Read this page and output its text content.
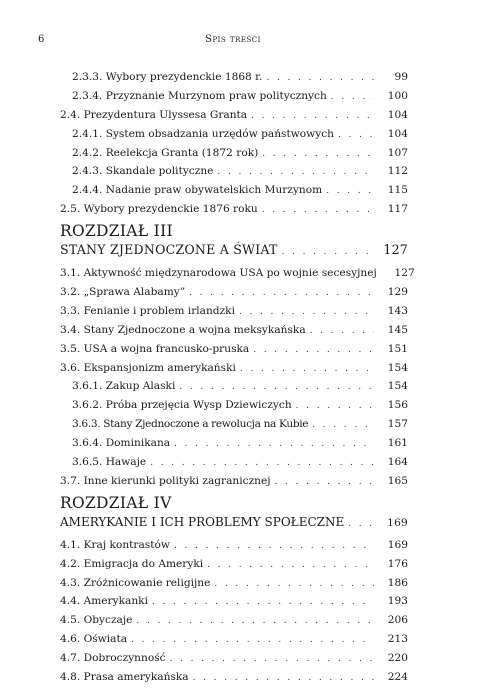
6	Spis treści
2.3.3. Wybory prezydenckie 1868 r. . . .	99
2.3.4. Przyznanie Murzynom praw politycznych . . .	100
2.4. Prezydentura Ulyssesa Granta . . .	104
2.4.1. System obsadzania urzędów państwowych . . .	104
2.4.2. Reelekcja Granta (1872 rok) . . .	107
2.4.3. Skandale polityczne . . .	112
2.4.4. Nadanie praw obywatelskich Murzynom . . .	115
2.5. Wybory prezydenckie 1876 roku . . .	117
ROZDZIAŁ III
STANY ZJEDNOCZONE A ŚWIAT . . .	127
3.1. Aktywność międzynarodowa USA po wojnie secesyjnej	127
3.2. „Sprawa Alabamy” . . .	129
3.3. Fenianie i problem irlandzki . . .	143
3.4. Stany Zjednoczone a wojna meksykańska . . .	145
3.5. USA a wojna francusko-pruska . . .	151
3.6. Ekspansjonizm amerykański . . .	154
3.6.1. Zakup Alaski . . .	154
3.6.2. Próba przejęcia Wysp Dziewiczych . . .	156
3.6.3. Stany Zjednoczone a rewolucja na Kubie . . .	157
3.6.4. Dominikana . . .	161
3.6.5. Hawaje . . .	164
3.7. Inne kierunki polityki zagranicznej . . .	165
ROZDZIAŁ IV
AMERYKANIE I ICH PROBLEMY SPOŁECZNE . . .	169
4.1. Kraj kontrastów . . .	169
4.2. Emigracja do Ameryki . . .	176
4.3. Zróżnicowanie religijne . . .	186
4.4. Amerykanki . . .	193
4.5. Obyczaje . . .	206
4.6. Oświata . . .	213
4.7. Dobroczynność . . .	220
4.8. Prasa amerykańska . . .	224
